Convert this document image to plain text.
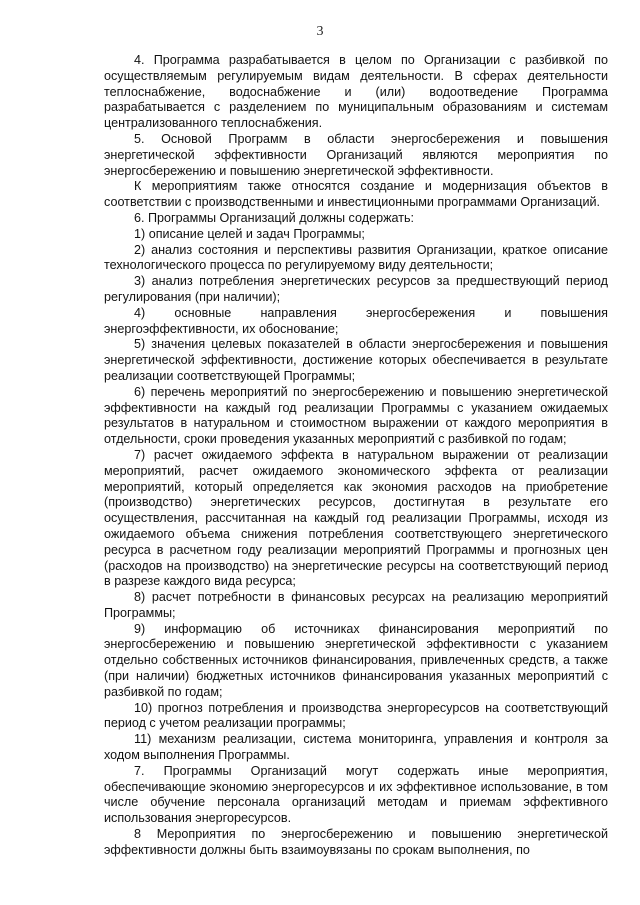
3

4. Программа разрабатывается в целом по Организации с разбивкой по осуществляемым регулируемым видам деятельности. В сферах деятельности теплоснабжение, водоснабжение и (или) водоотведение Программа разрабатывается с разделением по муниципальным образованиям и системам централизованного теплоснабжения.

5. Основой Программ в области энергосбережения и повышения энергетической эффективности Организаций являются мероприятия по энергосбережению и повышению энергетической эффективности.

К мероприятиям также относятся создание и модернизация объектов в соответствии с производственными и инвестиционными программами Организаций.

6. Программы Организаций должны содержать:

1) описание целей и задач Программы;

2) анализ состояния и перспективы развития Организации, краткое описание технологического процесса по регулируемому виду деятельности;

3) анализ потребления энергетических ресурсов за предшествующий период регулирования (при наличии);

4) основные направления энергосбережения и повышения энергоэффективности, их обоснование;

5) значения целевых показателей в области энергосбережения и повышения энергетической эффективности, достижение которых обеспечивается в результате реализации соответствующей Программы;

6) перечень мероприятий по энергосбережению и повышению энергетической эффективности на каждый год реализации Программы с указанием ожидаемых результатов в натуральном и стоимостном выражении от каждого мероприятия в отдельности, сроки проведения указанных мероприятий с разбивкой по годам;

7) расчет ожидаемого эффекта в натуральном выражении от реализации мероприятий, расчет ожидаемого экономического эффекта от реализации мероприятий, который определяется как экономия расходов на приобретение (производство) энергетических ресурсов, достигнутая в результате его осуществления, рассчитанная на каждый год реализации Программы, исходя из ожидаемого объема снижения потребления соответствующего энергетического ресурса в расчетном году реализации мероприятий Программы и прогнозных цен (расходов на производство) на энергетические ресурсы на соответствующий период в разрезе каждого вида ресурса;

8) расчет потребности в финансовых ресурсах на реализацию мероприятий Программы;

9) информацию об источниках финансирования мероприятий по энергосбережению и повышению энергетической эффективности с указанием отдельно собственных источников финансирования, привлеченных средств, а также (при наличии) бюджетных источников финансирования указанных мероприятий с разбивкой по годам;

10) прогноз потребления и производства энергоресурсов на соответствующий период с учетом реализации программы;

11) механизм реализации, система мониторинга, управления и контроля за ходом выполнения Программы.

7. Программы Организаций могут содержать иные мероприятия, обеспечивающие экономию энергоресурсов и их эффективное использование, в том числе обучение персонала организаций методам и приемам эффективного использования энергоресурсов.

8 Мероприятия по энергосбережению и повышению энергетической эффективности должны быть взаимоувязаны по срокам выполнения, по
